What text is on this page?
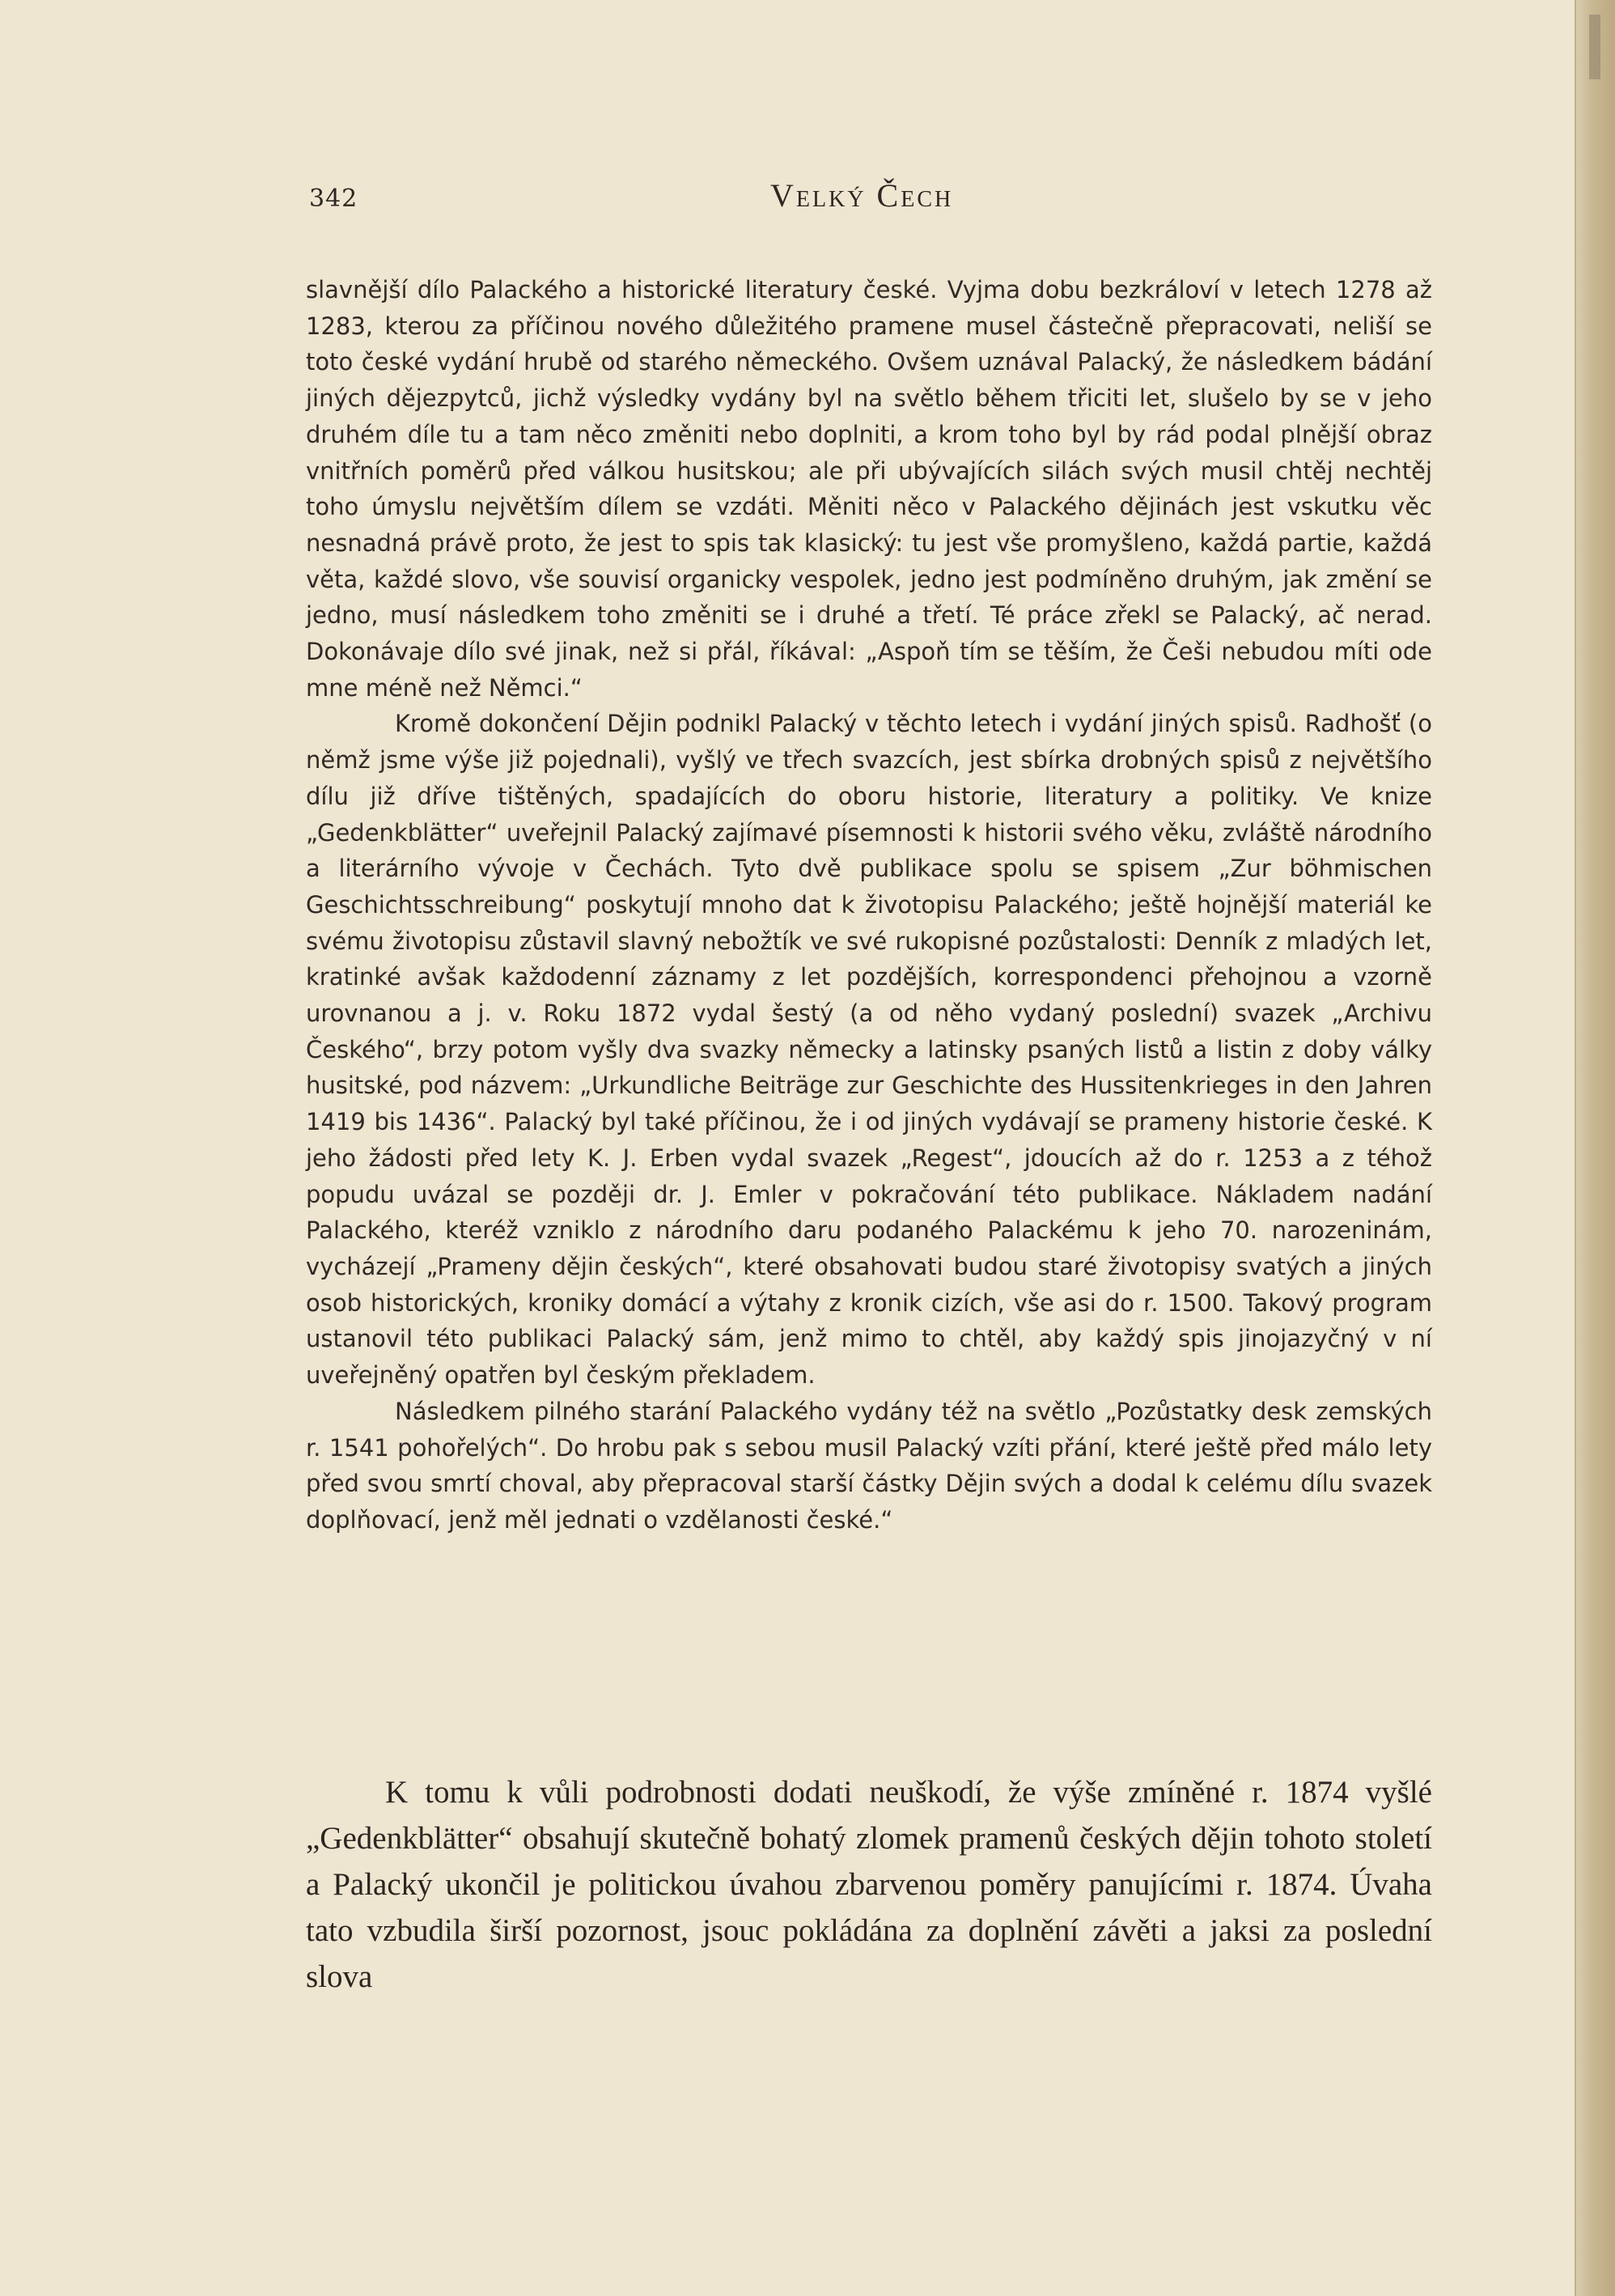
342	Velký Čech

slavnější dílo Palackého a historické literatury české. Vyjma dobu bezkráloví v letech 1278 až 1283, kterou za příčinou nového důležitého pramene musel částečně přepracovati, neliší se toto české vydání hrubě od starého německého. Ovšem uznával Palacký, že následkem bádání jiných dějezpytců, jichž výsledky vydány byl na světlo během třiciti let, slušelo by se v jeho druhém díle tu a tam něco změniti nebo doplniti, a krom toho byl by rád podal plnější obraz vnitřních poměrů před válkou husitskou; ale při ubývajících silách svých musil chtěj nechtěj toho úmyslu největším dílem se vzdáti. Měniti něco v Palackého dějinách jest vskutku věc nesnadná právě proto, že jest to spis tak klasický: tu jest vše promyšleno, každá partie, každá věta, každé slovo, vše souvisí organicky vespolek, jedno jest podmíněno druhým, jak změní se jedno, musí následkem toho změniti se i druhé a třetí. Té práce zřekl se Palacký, ač nerad. Dokonávaje dílo své jinak, než si přál, říkával: „Aspoň tím se těším, že Češi nebudou míti ode mne méně než Němci.“

Kromě dokončení Dějin podnikl Palacký v těchto letech i vydání jiných spisů. Radhošť (o němž jsme výše již pojednali), vyšlý ve třech svazcích, jest sbírka drobných spisů z největšího dílu již dříve tištěných, spadajících do oboru historie, literatury a politiky. Ve knize „Gedenkblätter“ uveřejnil Palacký zajímavé písemnosti k historii svého věku, zvláště národního a literárního vývoje v Čechách. Tyto dvě publikace spolu se spisem „Zur böhmischen Geschichtsschreibung“ poskytují mnoho dat k životopisu Palackého; ještě hojnější materiál ke svému životopisu zůstavil slavný nebožtík ve své rukopisné pozůstalosti: Denník z mladých let, kratinké avšak každodenní záznamy z let pozdějších, korrespondenci přehojnou a vzorně urovnanou a j. v. Roku 1872 vydal šestý (a od něho vydaný poslední) svazek „Archivu Českého“, brzy potom vyšly dva svazky německy a latinsky psaných listů a listin z doby války husitské, pod názvem: „Urkundliche Beiträge zur Geschichte des Hussitenkrieges in den Jahren 1419 bis 1436“. Palacký byl také příčinou, že i od jiných vydávají se prameny historie české. K jeho žádosti před lety K. J. Erben vydal svazek „Regest“, jdoucích až do r. 1253 a z téhož popudu uvázal se později dr. J. Emler v pokračování této publikace. Nákladem nadání Palackého, kteréž vzniklo z národního daru podaného Palackému k jeho 70. narozeninám, vycházejí „Prameny dějin českých“, které obsahovati budou staré životopisy svatých a jiných osob historických, kroniky domácí a výtahy z kronik cizích, vše asi do r. 1500. Takový program ustanovil této publikaci Palacký sám, jenž mimo to chtěl, aby každý spis jinojazyčný v ní uveřejněný opatřen byl českým překladem.

Následkem pilného starání Palackého vydány též na světlo „Pozůstatky desk zemských r. 1541 pohořelých“. Do hrobu pak s sebou musil Palacký vzíti přání, které ještě před málo lety před svou smrtí choval, aby přepracoval starší částky Dějin svých a dodal k celému dílu svazek doplňovací, jenž měl jednati o vzdělanosti české.“

K tomu k vůli podrobnosti dodati neuškodí, že výše zmíněné r. 1874 vyšlé „Gedenkblätter“ obsahují skutečně bohatý zlomek pramenů českých dějin tohoto století a Palacký ukončil je politickou úvahou zbarvenou poměry panujícími r. 1874. Úvaha tato vzbudila širší pozornost, jsouc pokládána za doplnění závěti a jaksi za poslední slova
